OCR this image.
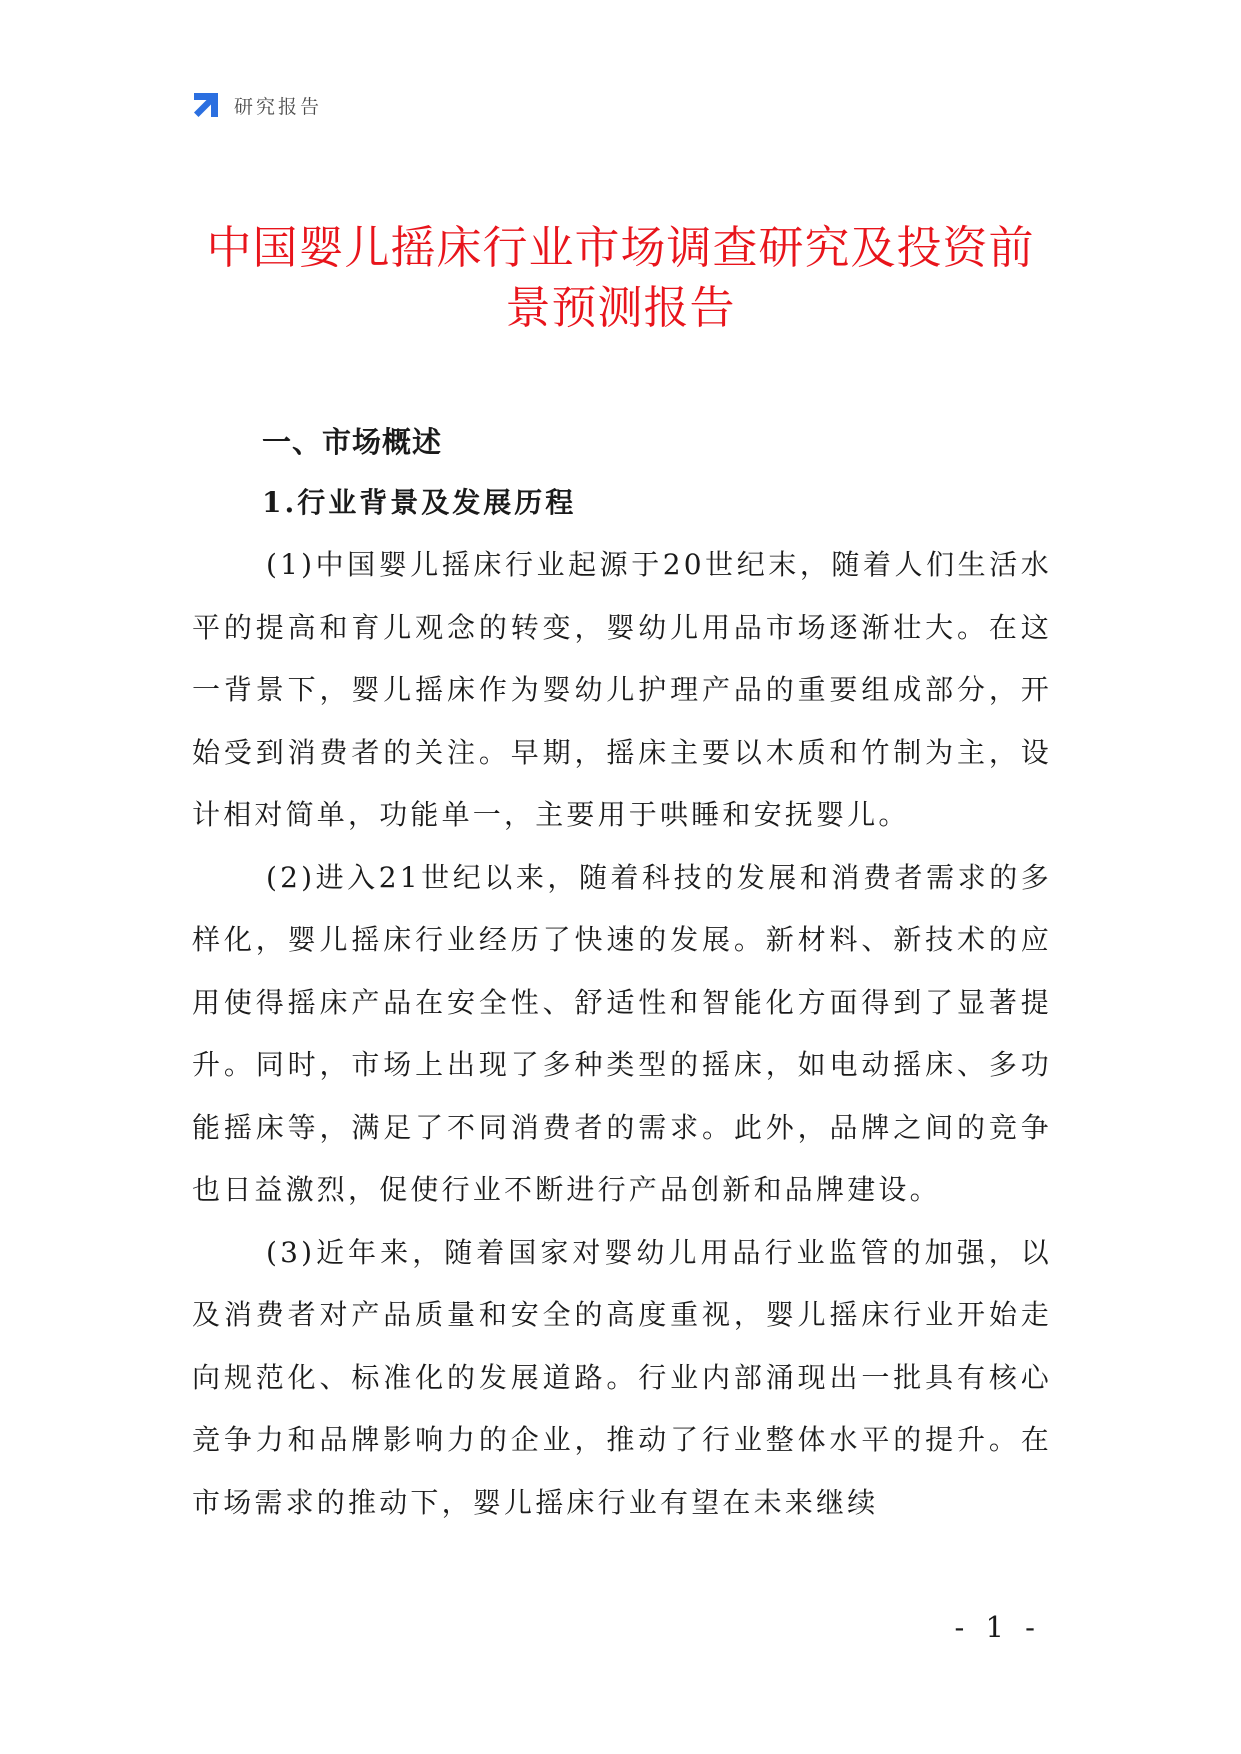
研究报告
中国婴儿摇床行业市场调查研究及投资前
景预测报告
一、市场概述
1.行业背景及发展历程

(1)中国婴儿摇床行业起源于20世纪末，随着人们生活水平的提高和育儿观念的转变，婴幼儿用品市场逐渐壮大。在这一背景下，婴儿摇床作为婴幼儿护理产品的重要组成部分，开始受到消费者的关注。早期，摇床主要以木质和竹制为主，设计相对简单，功能单一，主要用于哄睡和安抚婴儿。

(2)进入21世纪以来，随着科技的发展和消费者需求的多样化，婴儿摇床行业经历了快速的发展。新材料、新技术的应用使得摇床产品在安全性、舒适性和智能化方面得到了显著提升。同时，市场上出现了多种类型的摇床，如电动摇床、多功能摇床等，满足了不同消费者的需求。此外，品牌之间的竞争也日益激烈，促使行业不断进行产品创新和品牌建设。

(3)近年来，随着国家对婴幼儿用品行业监管的加强，以及消费者对产品质量和安全的高度重视，婴儿摇床行业开始走向规范化、标准化的发展道路。行业内部涌现出一批具有核心竞争力和品牌影响力的企业，推动了行业整体水平的提升。在市场需求的推动下，婴儿摇床行业有望在未来继续

- 1 -
